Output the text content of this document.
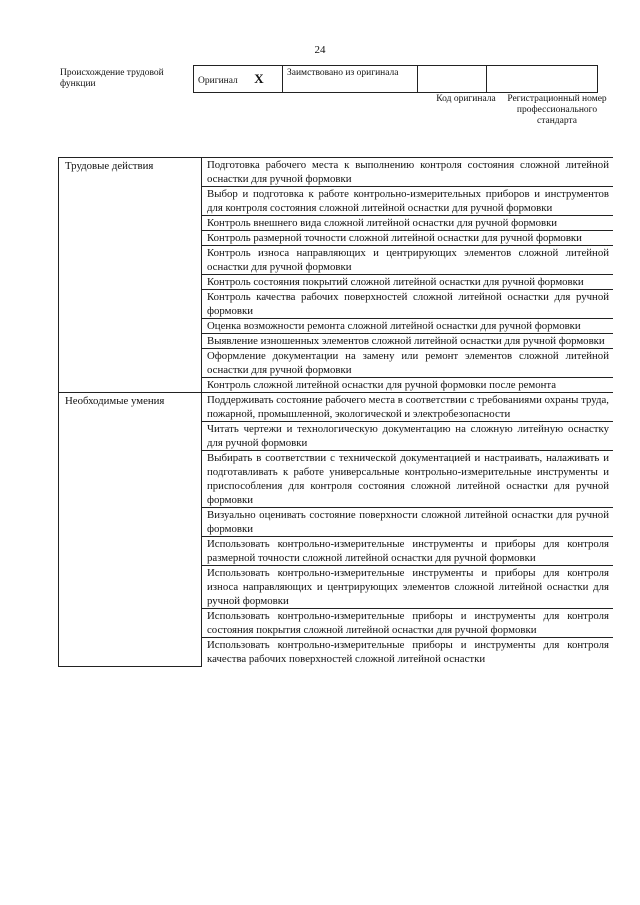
24
Происхождение трудовой функции	Оригинал X	Заимствовано из оригинала		
Код оригинала	Регистрационный номер профессионального стандарта
Трудовые действия	Подготовка рабочего места к выполнению контроля состояния сложной литейной оснастки для ручной формовки
	Выбор и подготовка к работе контрольно-измерительных приборов и инструментов для контроля состояния сложной литейной оснастки для ручной формовки
	Контроль внешнего вида сложной литейной оснастки для ручной формовки
	Контроль размерной точности сложной литейной оснастки для ручной формовки
	Контроль износа направляющих и центрирующих элементов сложной литейной оснастки для ручной формовки
	Контроль состояния покрытий сложной литейной оснастки для ручной формовки
	Контроль качества рабочих поверхностей сложной литейной оснастки для ручной формовки
	Оценка возможности ремонта сложной литейной оснастки для ручной формовки
	Выявление изношенных элементов сложной литейной оснастки для ручной формовки
	Оформление документации на замену или ремонт элементов сложной литейной оснастки для ручной формовки
	Контроль сложной литейной оснастки для ручной формовки после ремонта
Необходимые умения	Поддерживать состояние рабочего места в соответствии с требованиями охраны труда, пожарной, промышленной, экологической и электробезопасности
	Читать чертежи и технологическую документацию на сложную литейную оснастку для ручной формовки
	Выбирать в соответствии с технической документацией и настраивать, налаживать и подготавливать к работе универсальные контрольно-измерительные инструменты и приспособления для контроля состояния сложной литейной оснастки для ручной формовки
	Визуально оценивать состояние поверхности сложной литейной оснастки для ручной формовки
	Использовать контрольно-измерительные инструменты и приборы для контроля размерной точности сложной литейной оснастки для ручной формовки
	Использовать контрольно-измерительные инструменты и приборы для контроля износа направляющих и центрирующих элементов сложной литейной оснастки для ручной формовки
	Использовать контрольно-измерительные приборы и инструменты для контроля состояния покрытия сложной литейной оснастки для ручной формовки
	Использовать контрольно-измерительные приборы и инструменты для контроля качества рабочих поверхностей сложной литейной оснастки
